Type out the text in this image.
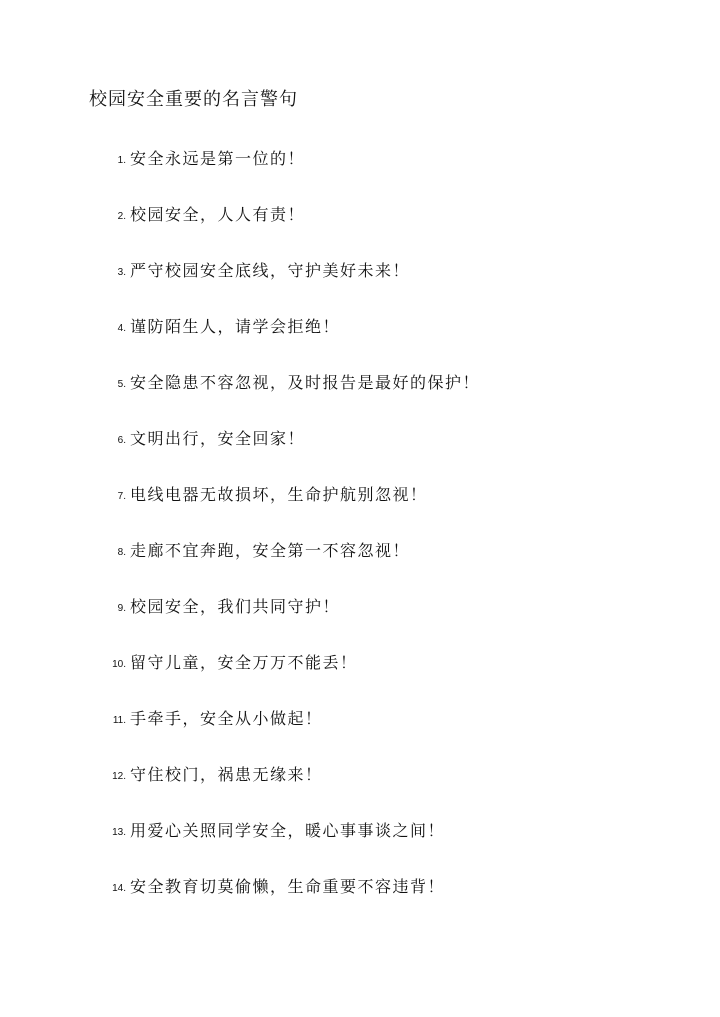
校园安全重要的名言警句
1. 安全永远是第一位的！
2. 校园安全，人人有责！
3. 严守校园安全底线，守护美好未来！
4. 谨防陌生人，请学会拒绝！
5. 安全隐患不容忽视，及时报告是最好的保护！
6. 文明出行，安全回家！
7. 电线电器无故损坏，生命护航别忽视！
8. 走廊不宜奔跑，安全第一不容忽视！
9. 校园安全，我们共同守护！
10. 留守儿童，安全万万不能丢！
11. 手牵手，安全从小做起！
12. 守住校门，祸患无缘来！
13. 用爱心关照同学安全，暖心事事谈之间！
14. 安全教育切莫偷懒，生命重要不容违背！
